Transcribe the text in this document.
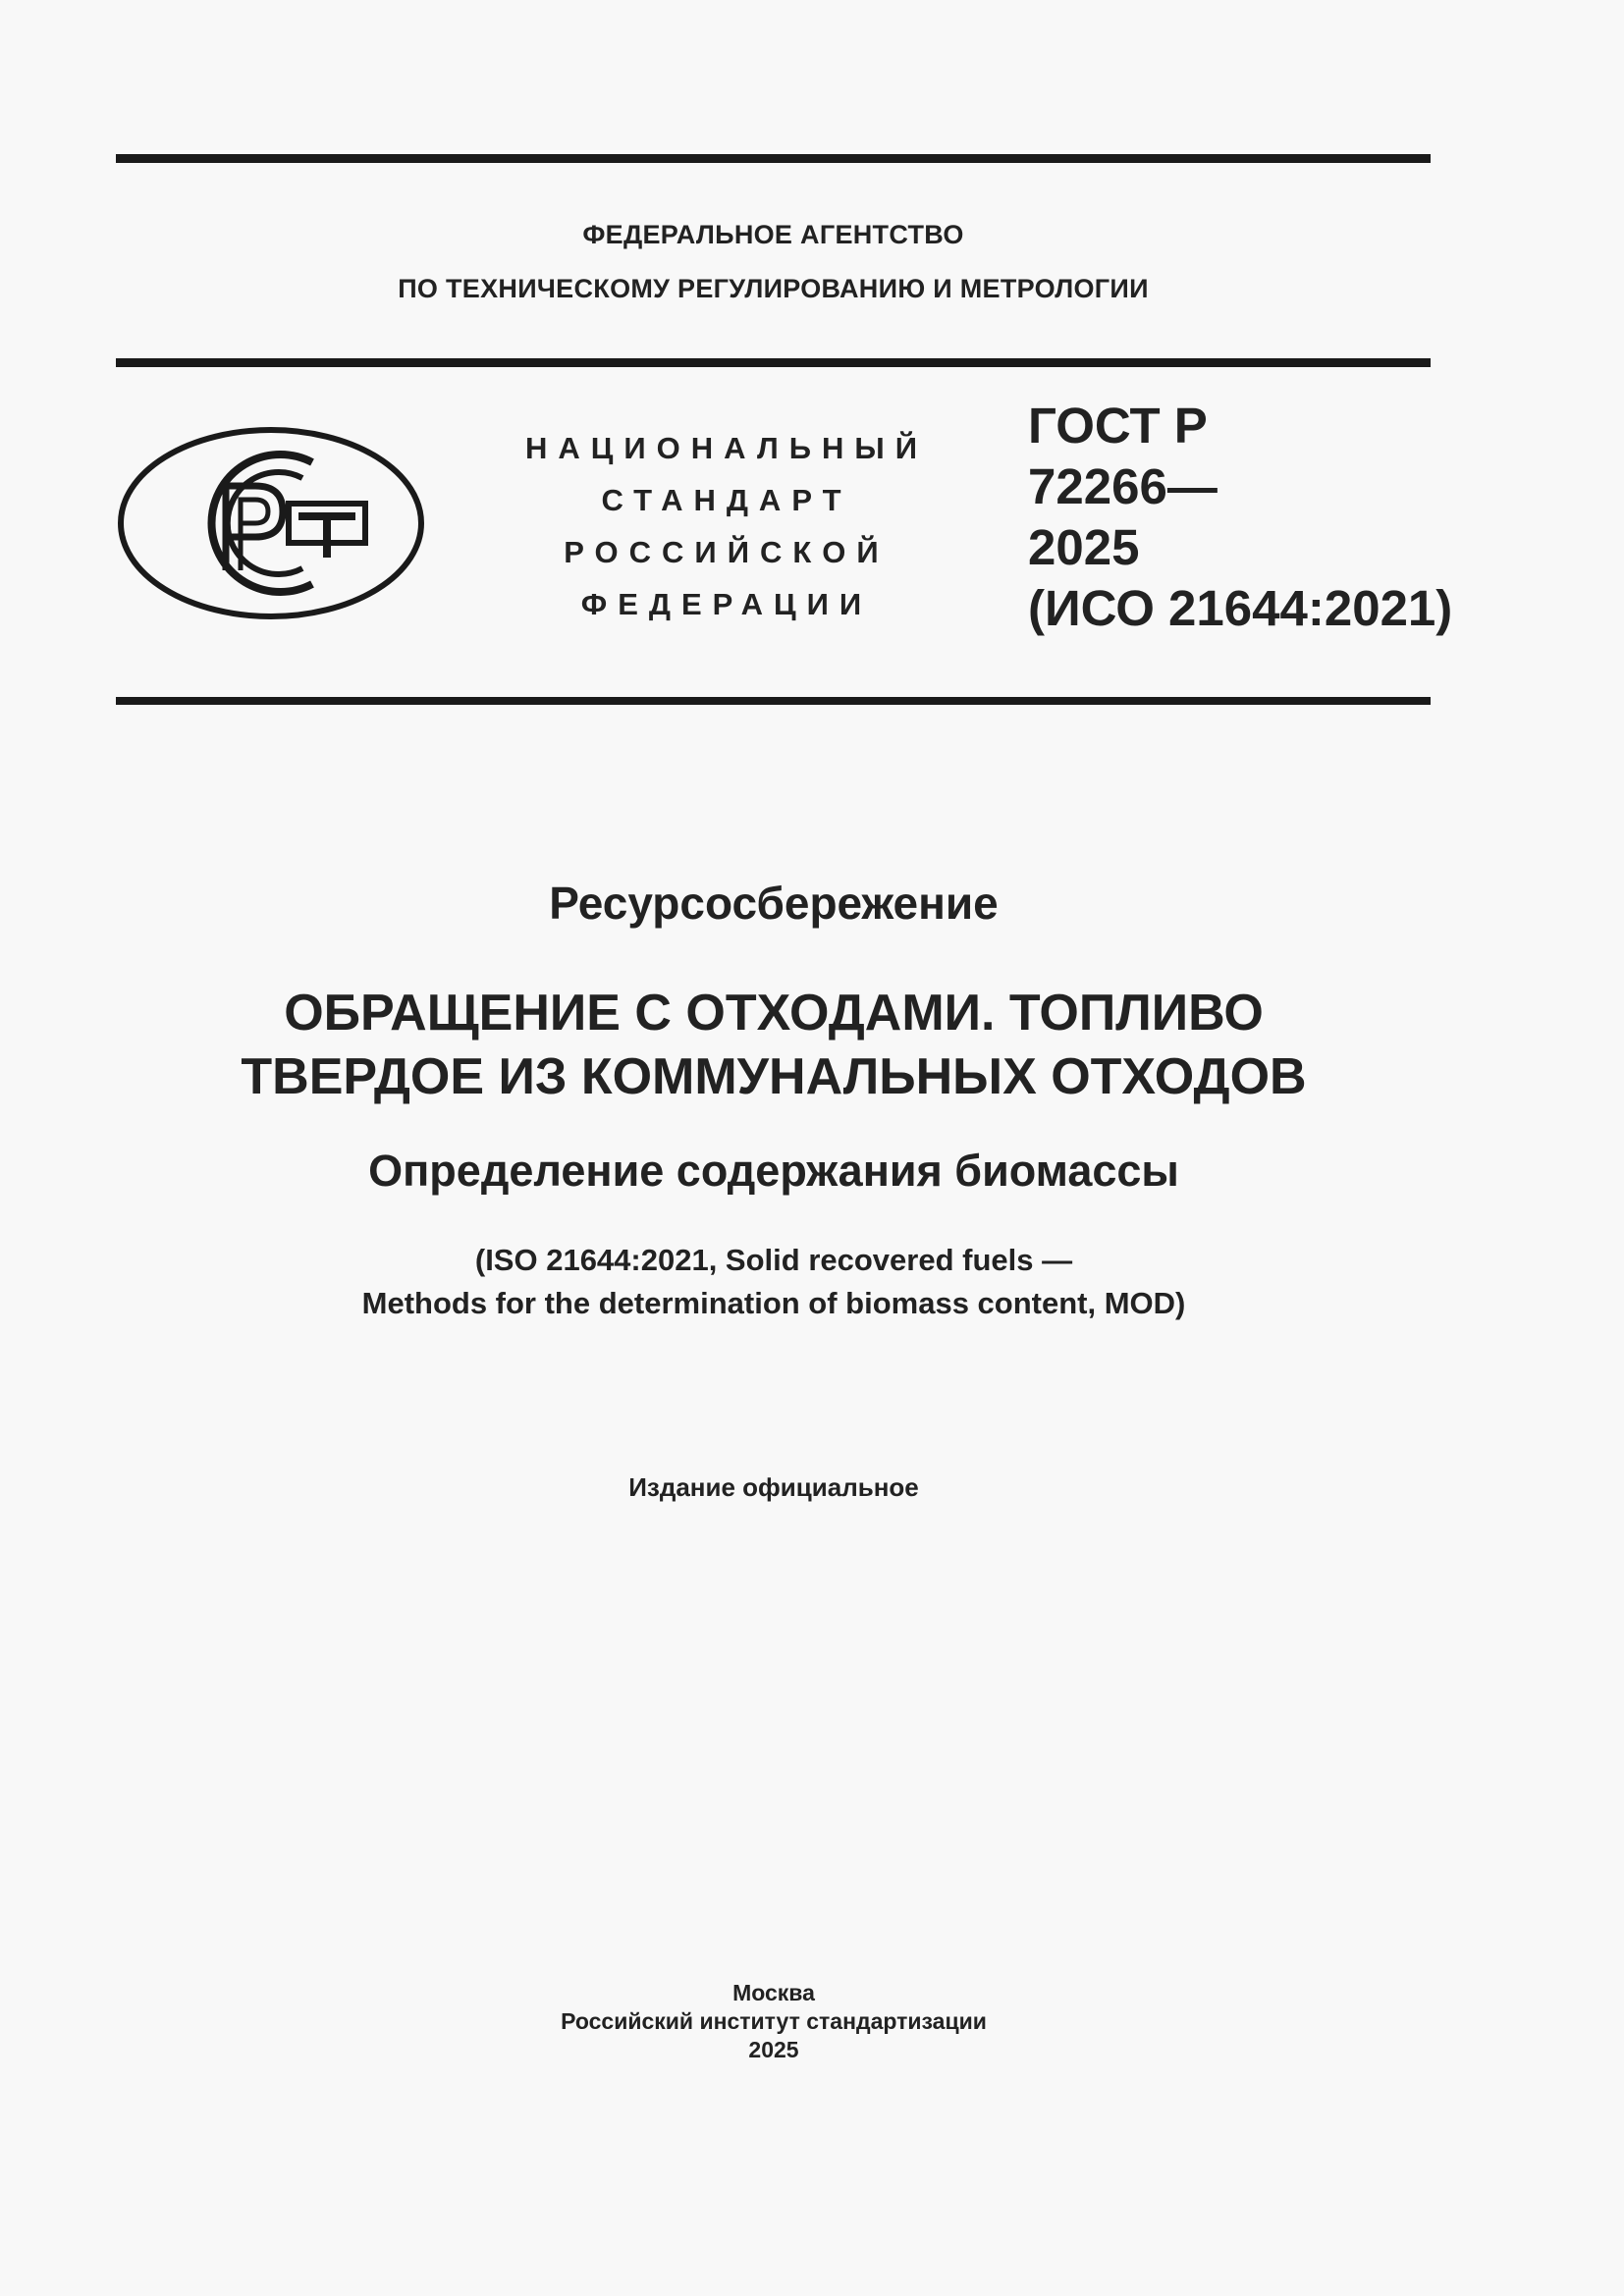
ФЕДЕРАЛЬНОЕ АГЕНТСТВО
ПО ТЕХНИЧЕСКОМУ РЕГУЛИРОВАНИЮ И МЕТРОЛОГИИ
НАЦИОНАЛЬНЫЙ
СТАНДАРТ
РОССИЙСКОЙ
ФЕДЕРАЦИИ
ГОСТ Р
72266—
2025
(ИСО 21644:2021)
Ресурсосбережение
ОБРАЩЕНИЕ С ОТХОДАМИ. ТОПЛИВО
ТВЕРДОЕ ИЗ КОММУНАЛЬНЫХ ОТХОДОВ
Определение содержания биомассы
(ISO 21644:2021, Solid recovered fuels —
Methods for the determination of biomass content, MOD)
Издание официальное
Москва
Российский институт стандартизации
2025
